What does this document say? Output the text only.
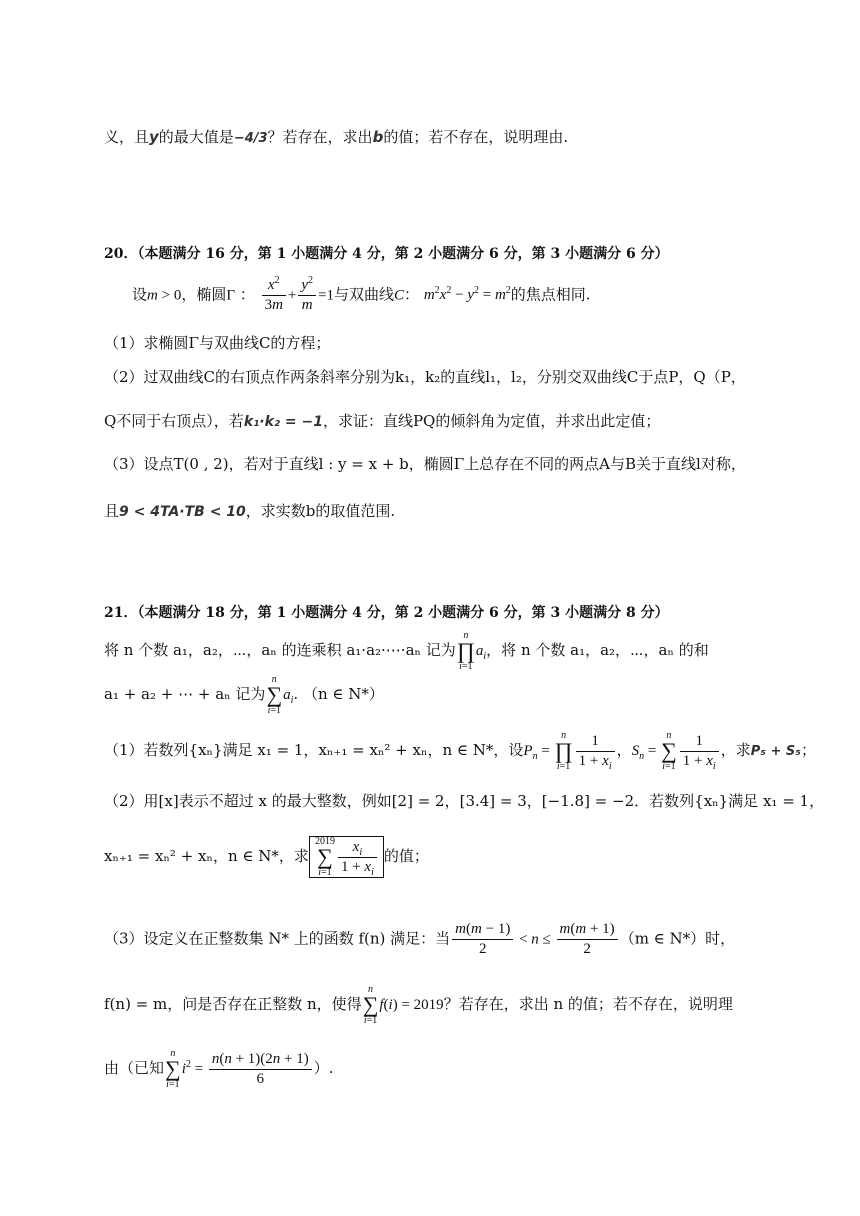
义，且y的最大值是−4/3？若存在，求出b的值；若不存在，说明理由.
20．（本题满分 16 分，第 1 小题满分 4 分，第 2 小题满分 6 分，第 3 小题满分 6 分）
设m > 0，椭圆Γ ： $\frac{x^2}{3m} + \frac{y^2}{m} =1$与双曲线C： $m^2x^2 - y^2 = m^2$的焦点相同.
（1）求椭圆Γ与双曲线C的方程；
（2）过双曲线C的右顶点作两条斜率分别为k₁，k₂的直线l₁，l₂，分别交双曲线C于点P，Q（P，
Q不同于右顶点），若k₁·k₂ = −1，求证：直线PQ的倾斜角为定值，并求出此定值；
（3）设点T(0 , 2)，若对于直线l : y = x + b，椭圆Γ上总存在不同的两点A与B关于直线l对称，
且9 < 4TA·TB < 10，求实数b的取值范围.
21．（本题满分 18 分，第 1 小题满分 4 分，第 2 小题满分 6 分，第 3 小题满分 8 分）
将 n 个数 a₁，a₂，⋯，aₙ 的连乘积 a₁·a₂·⋯·aₙ 记为
n
∏
i=1
$a_i$，将 n 个数 a₁，a₂，⋯，aₙ 的和
a₁ + a₂ + ⋯ + aₙ 记为
n
∑
i=1
$a_i$. （n ∈ N*）
（1）若数列{xₙ}满足 x₁ = 1，xₙ₊₁ = xₙ² + xₙ，n ∈ N*，设$P_n$ =
n
∏
$i=1 \frac{1}{1 + x_i}$ ，$S_n$ =
n
∑
$i=1 \frac{1}{1 + x_i}$ ，求P₅ + S₅；
（2）用[x]表示不超过 x 的最大整数，例如[2] = 2，[3.4] = 3，[−1.8] = −2．若数列{xₙ}满足 x₁ = 1，
xₙ₊₁ = xₙ² + xₙ，n ∈ N*，求
2019
∑
$i=1 \frac{x_i}{1 + x_i}$ 的值；
（3）设定义在正整数集 N* 上的函数 f(n) 满足：当 $\frac{m(m - 1)}{2} < n \le \frac{m(m + 1)}{2} (m$ ∈ N*）时，
f(n) = m，问是否存在正整数 n，使得
n
∑
i=1
f(i) = 2019？若存在，求出 n 的值；若不存在，说明理
由（已知
n
∑
i=1
$i^2 = \frac{n(n + 1)(2n + 1)}{6}$ ）.
